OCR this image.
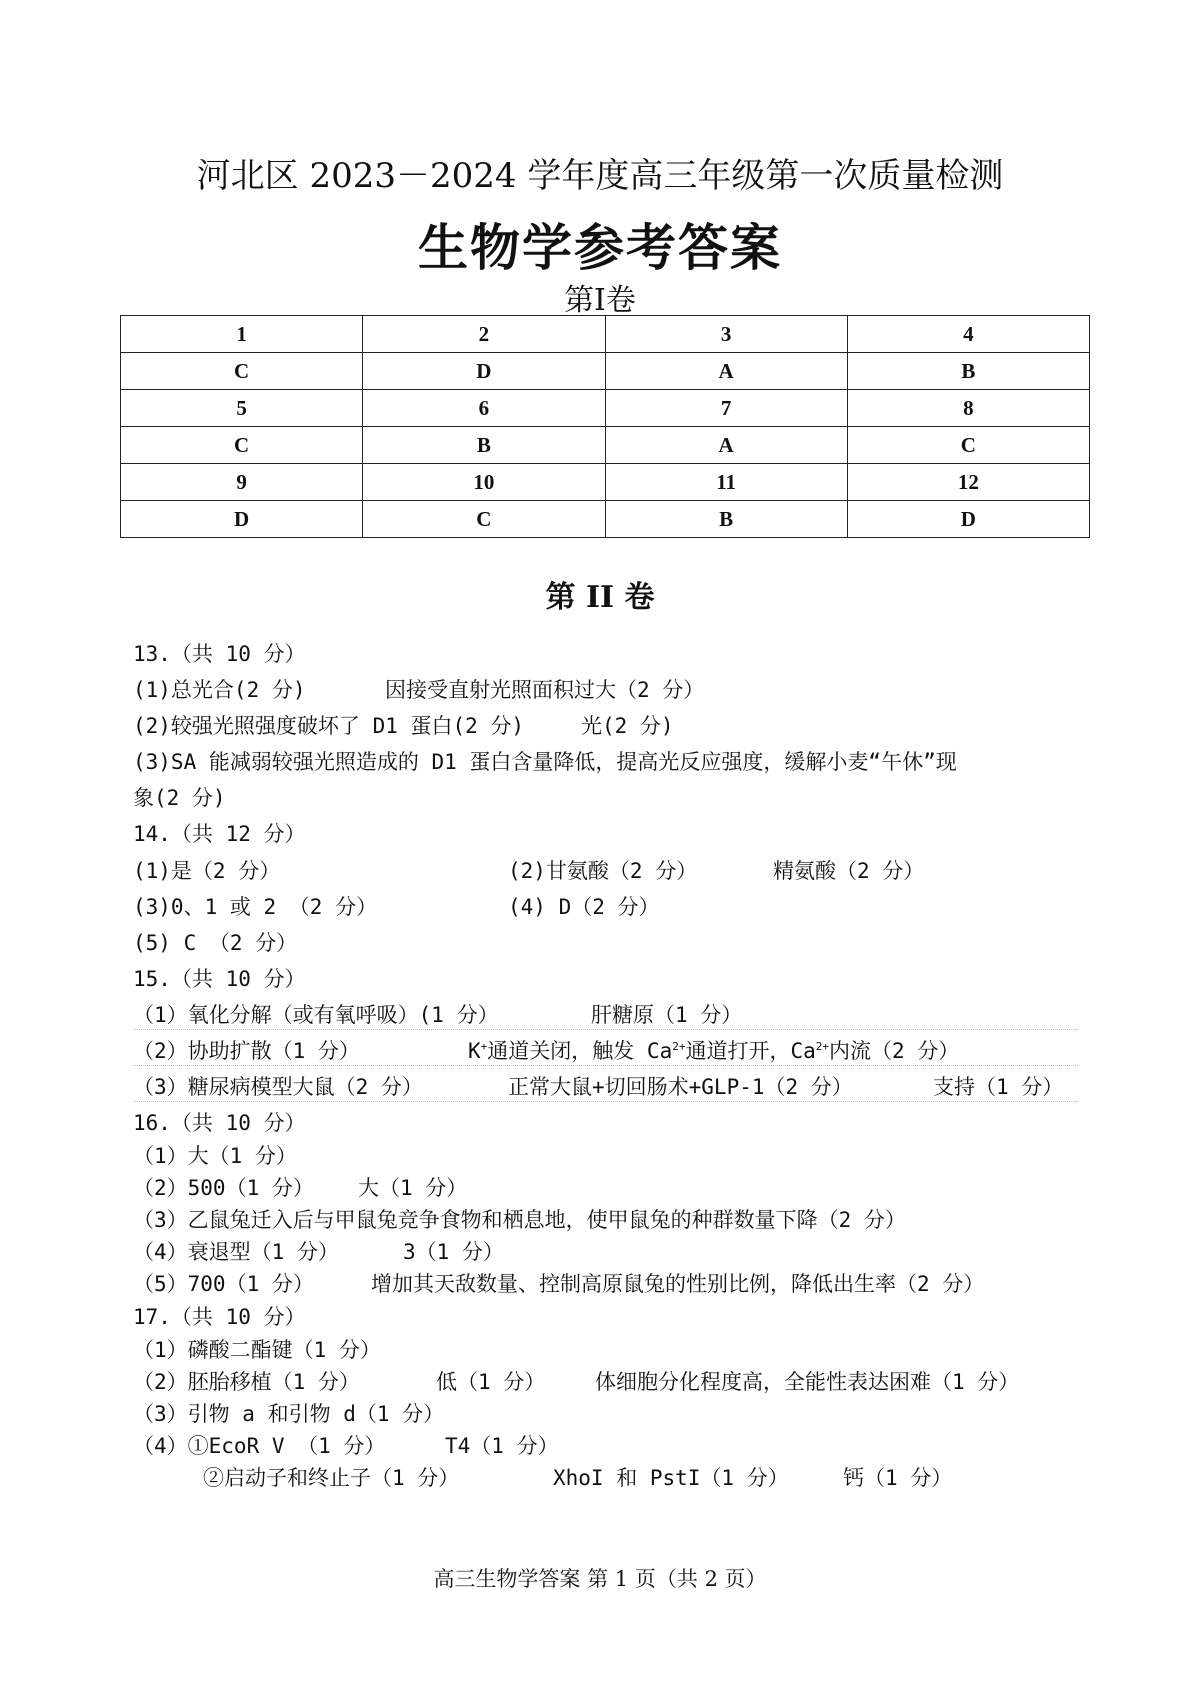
河北区 2023－2024 学年度高三年级第一次质量检测
生物学参考答案
第Ⅰ卷
1	2	3	4
C	D	A	B
5	6	7	8
C	B	A	C
9	10	11	12
D	C	B	D
第 II 卷
13.（共 10 分）
(1)总光合(2 分)	因接受直射光照面积过大（2 分）
(2)较强光照强度破坏了 D1 蛋白(2 分)	光(2 分)
(3)SA 能减弱较强光照造成的 D1 蛋白含量降低，提高光反应强度，缓解小麦“午休”现
象(2 分)
14.（共 12 分）
(1)是（2 分）	(2)甘氨酸（2 分）	精氨酸（2 分）
(3)0、1 或 2 （2 分）	(4) D（2 分）
(5) C （2 分）
15.（共 10 分）
（1）氧化分解（或有氧呼吸）(1 分）	肝糖原（1 分）
（2）协助扩散（1 分）	K+通道关闭，触发 $Ca^{2+}$通道打开，$Ca^{2+}$内流（2 分）
（3）糖尿病模型大鼠（2 分）	正常大鼠+切回肠术+GLP-1（2 分）	支持（1 分）
16.（共 10 分）
（1）大（1 分）
（2）500（1 分） 大（1 分）
（3）乙鼠兔迁入后与甲鼠兔竞争食物和栖息地，使甲鼠兔的种群数量下降（2 分）
（4）衰退型（1 分）	3（1 分）
（5）700（1 分）	增加其天敌数量、控制高原鼠兔的性别比例，降低出生率（2 分）
17.（共 10 分）
（1）磷酸二酯键（1 分）
（2）胚胎移植（1 分）	低（1 分） 体细胞分化程度高，全能性表达困难（1 分）
（3）引物 a 和引物 d（1 分）
（4）①EcoR V （1 分）	T4（1 分）
②启动子和终止子（1 分）	XhoI 和 PstI（1 分）	钙（1 分）
高三生物学答案 第 1 页（共 2 页）
